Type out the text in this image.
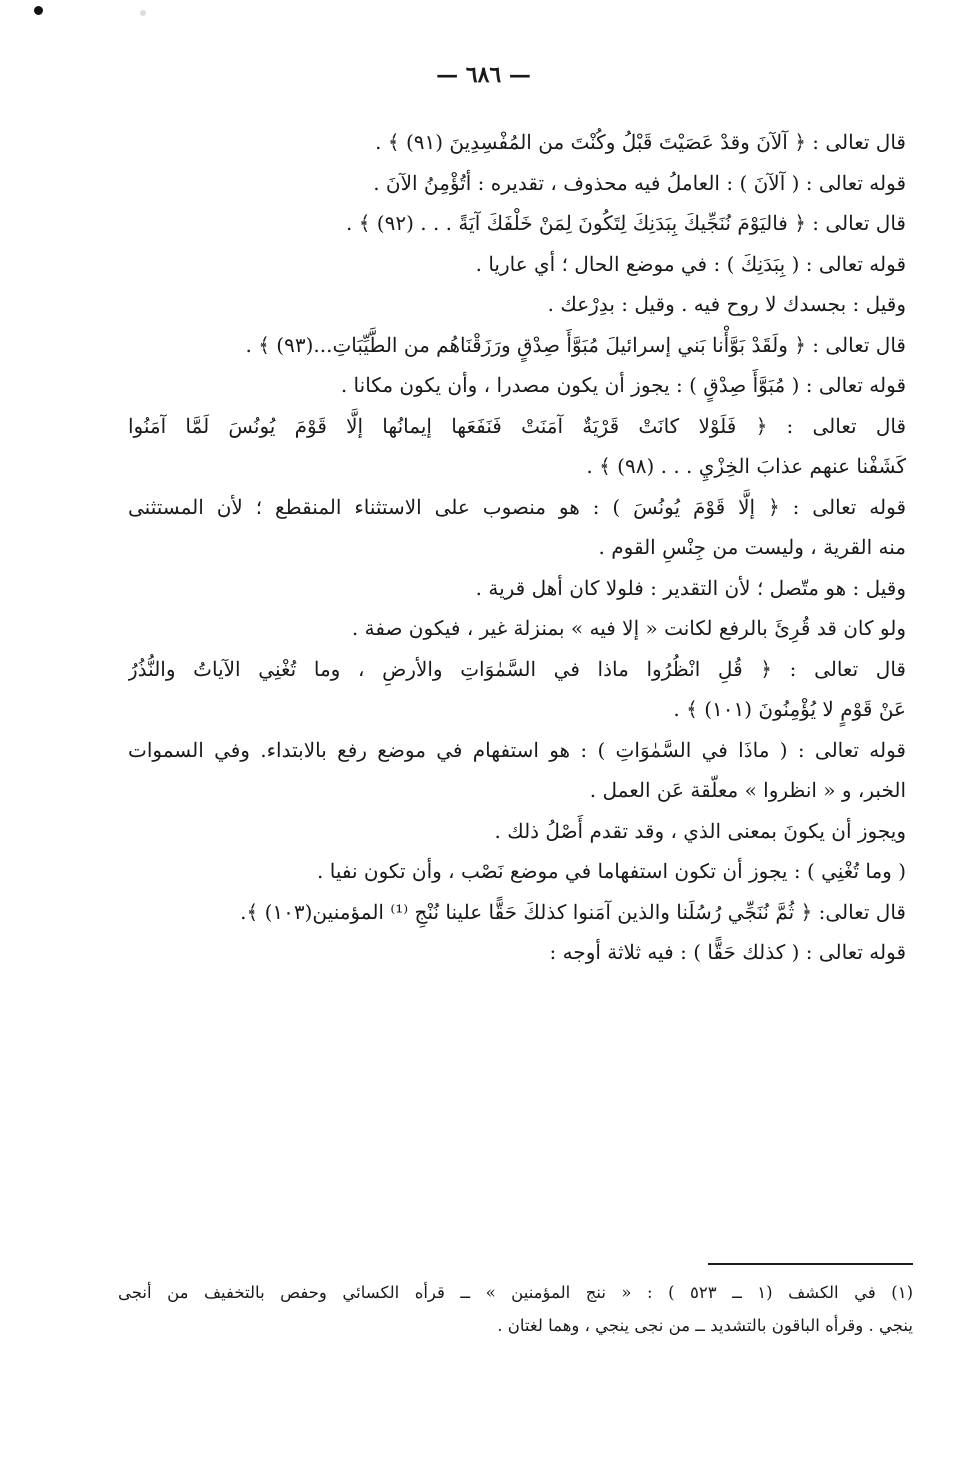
— ٦٨٦ —
قال تعالى : ﴿ آلآنَ وقدْ عَصَيْتَ قَبْلُ وكُنْتَ من المُفْسِدِينَ (٩١) ﴾ .
قوله تعالى : ( آلآنَ ) : العاملُ فيه محذوف ، تقديره : أتُؤْمِنُ الآنَ .
قال تعالى : ﴿ فاليَوْمَ نُنَجِّيكَ بِبَدَنِكَ لِتَكُونَ لِمَنْ خَلْفَكَ آيَةً . . . (٩٢) ﴾ .
قوله تعالى : ( بِبَدَنِكَ ) : في موضع الحال ؛ أي عاريا .
وقيل : بجسدك لا روح فيه . وقيل : بدِرْعك .
قال تعالى : ﴿ ولَقَدْ بَوَّأْنا بَني إسرائيلَ مُبَوَّأَ صِدْقٍ ورَزَقْنَاهُم من الطَّيِّبَاتِ...(٩٣) ﴾ .
قوله تعالى : ( مُبَوَّأَ صِدْقٍ ) : يجوز أن يكون مصدرا ، وأن يكون مكانا .
قال تعالى : ﴿ فَلَوْلا كانَتْ قَرْيَةٌ آمَنَتْ فَنَفَعَها إيمانُها إلَّا قَوْمَ يُونُسَ لَمَّا آمَنُوا
كَشَفْنا عنهم عذابَ الخِزْيِ . . . (٩٨) ﴾ .
قوله تعالى : ﴿ إلَّا قَوْمَ يُونُسَ ) : هو منصوب على الاستثناء المنقطع ؛ لأن المستثنى
منه القرية ، وليست من جِنْسِ القوم .
وقيل : هو متّصل ؛ لأن التقدير : فلولا كان أهل قرية .
ولو كان قد قُرِئَ بالرفع لكانت « إلا فيه » بمنزلة غير ، فيكون صفة .
قال تعالى : ﴿ قُلِ انْظُرُوا ماذا في السَّمٰوَاتِ والأرضِ ، وما تُغْنِي الآياتُ والنُّذُرُ
عَنْ قَوْمٍ لا يُؤْمِنُونَ (١٠١) ﴾ .
قوله تعالى : ( ماذَا في السَّمٰوَاتِ ) : هو استفهام في موضع رفع بالابتداء. وفي السموات
الخبر، و « انظروا » معلّقة عَن العمل .
ويجوز أن يكونَ بمعنى الذي ، وقد تقدم أَصْلُ ذلك .
( وما تُغْنِي ) : يجوز أن تكون استفهاما في موضع نَصْب ، وأن تكون نفيا .
قال تعالى: ﴿ ثُمَّ نُنَجِّي رُسُلَنا والذين آمَنوا كذلكَ حَقًّا علينا نُنْجِ ⁽¹⁾ المؤمنين(١٠٣) ﴾.
قوله تعالى : ( كذلك حَقًّا ) : فيه ثلاثة أوجه :
(١) في الكشف (١ ــ ٥٢٣ ) : « ننج المؤمنين » ــ قرأه الكسائي وحفص بالتخفيف من أنجى
ينجي . وقرأه الباقون بالتشديد ــ من نجى ينجي ، وهما لغتان .
